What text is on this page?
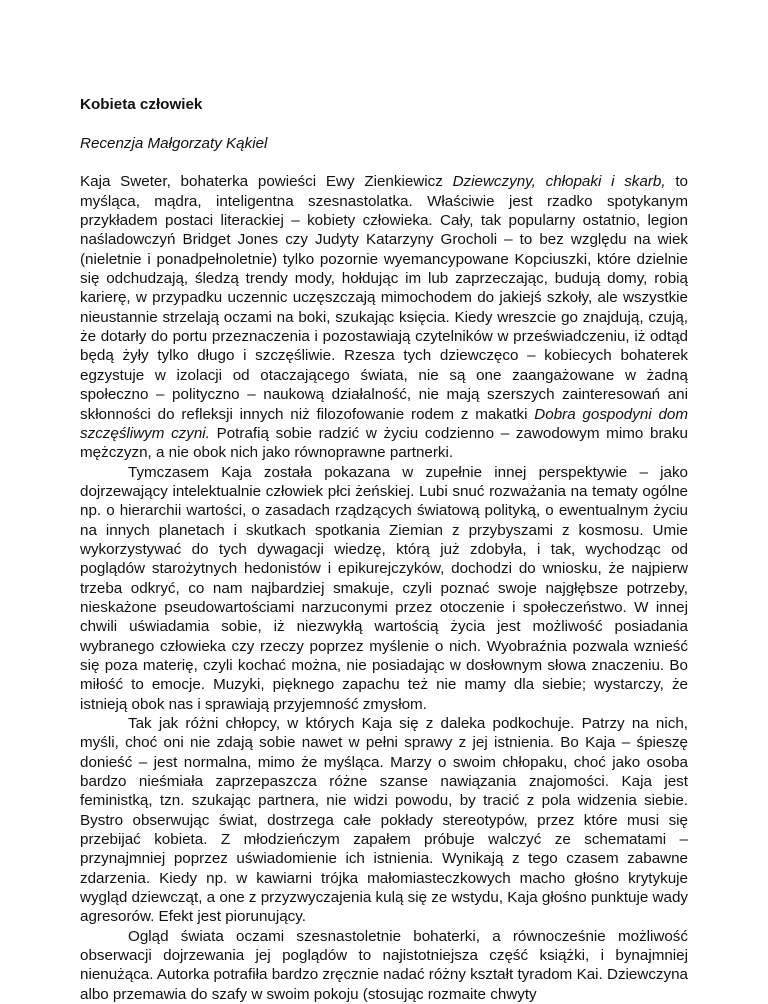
Kobieta człowiek

Recenzja Małgorzaty Kąkiel

Kaja Sweter, bohaterka powieści Ewy Zienkiewicz Dziewczyny, chłopaki i skarb, to myśląca, mądra, inteligentna szesnastolatka. Właściwie jest rzadko spotykanym przykładem postaci literackiej – kobiety człowieka. Cały, tak popularny ostatnio, legion naśladowczyń Bridget Jones czy Judyty Katarzyny Grocholi – to bez względu na wiek (nieletnie i ponadpełnoletnie) tylko pozornie wyemancypowane Kopciuszki, które dzielnie się odchudzają, śledzą trendy mody, hołdując im lub zaprzeczając, budują domy, robią karierę, w przypadku uczennic uczęszczają mimochodem do jakiejś szkoły, ale wszystkie nieustannie strzelają oczami na boki, szukając księcia. Kiedy wreszcie go znajdują, czują, że dotarły do portu przeznaczenia i pozostawiają czytelników w przeświadczeniu, iż odtąd będą żyły tylko długo i szczęśliwie. Rzesza tych dziewczęco – kobiecych bohaterek egzystuje w izolacji od otaczającego świata, nie są one zaangażowane w żadną społeczno – polityczno – naukową działalność, nie mają szerszych zainteresowań ani skłonności do refleksji innych niż filozofowanie rodem z makatki Dobra gospodyni dom szczęśliwym czyni. Potrafią sobie radzić w życiu codzienno – zawodowym mimo braku mężczyzn, a nie obok nich jako równoprawne partnerki.

Tymczasem Kaja została pokazana w zupełnie innej perspektywie – jako dojrzewający intelektualnie człowiek płci żeńskiej. Lubi snuć rozważania na tematy ogólne np. o hierarchii wartości, o zasadach rządzących światową polityką, o ewentualnym życiu na innych planetach i skutkach spotkania Ziemian z przybyszami z kosmosu. Umie wykorzystywać do tych dywagacji wiedzę, którą już zdobyła, i tak, wychodząc od poglądów starożytnych hedonistów i epikurejczyków, dochodzi do wniosku, że najpierw trzeba odkryć, co nam najbardziej smakuje, czyli poznać swoje najgłębsze potrzeby, nieskażone pseudowartościami narzuconymi przez otoczenie i społeczeństwo. W innej chwili uświadamia sobie, iż niezwykłą wartością życia jest możliwość posiadania wybranego człowieka czy rzeczy poprzez myślenie o nich. Wyobraźnia pozwala wznieść się poza materię, czyli kochać można, nie posiadając w dosłownym słowa znaczeniu. Bo miłość to emocje. Muzyki, pięknego zapachu też nie mamy dla siebie; wystarczy, że istnieją obok nas i sprawiają przyjemność zmysłom.

Tak jak różni chłopcy, w których Kaja się z daleka podkochuje. Patrzy na nich, myśli, choć oni nie zdają sobie nawet w pełni sprawy z jej istnienia. Bo Kaja – śpieszę donieść – jest normalna, mimo że myśląca. Marzy o swoim chłopaku, choć jako osoba bardzo nieśmiała zaprzepaszcza różne szanse nawiązania znajomości. Kaja jest feministką, tzn. szukając partnera, nie widzi powodu, by tracić z pola widzenia siebie. Bystro obserwując świat, dostrzega całe pokłady stereotypów, przez które musi się przebijać kobieta. Z młodzieńczym zapałem próbuje walczyć ze schematami – przynajmniej poprzez uświadomienie ich istnienia. Wynikają z tego czasem zabawne zdarzenia. Kiedy np. w kawiarni trójka małomiasteczkowych macho głośno krytykuje wygląd dziewcząt, a one z przyzwyczajenia kulą się ze wstydu, Kaja głośno punktuje wady agresorów. Efekt jest piorunujący.

Ogląd świata oczami szesnastoletnie bohaterki, a równocześnie możliwość obserwacji dojrzewania jej poglądów to najistotniejsza część książki, i bynajmniej nienużąca. Autorka potrafiła bardzo zręcznie nadać różny kształt tyradom Kai. Dziewczyna albo przemawia do szafy w swoim pokoju (stosując rozmaite chwyty
